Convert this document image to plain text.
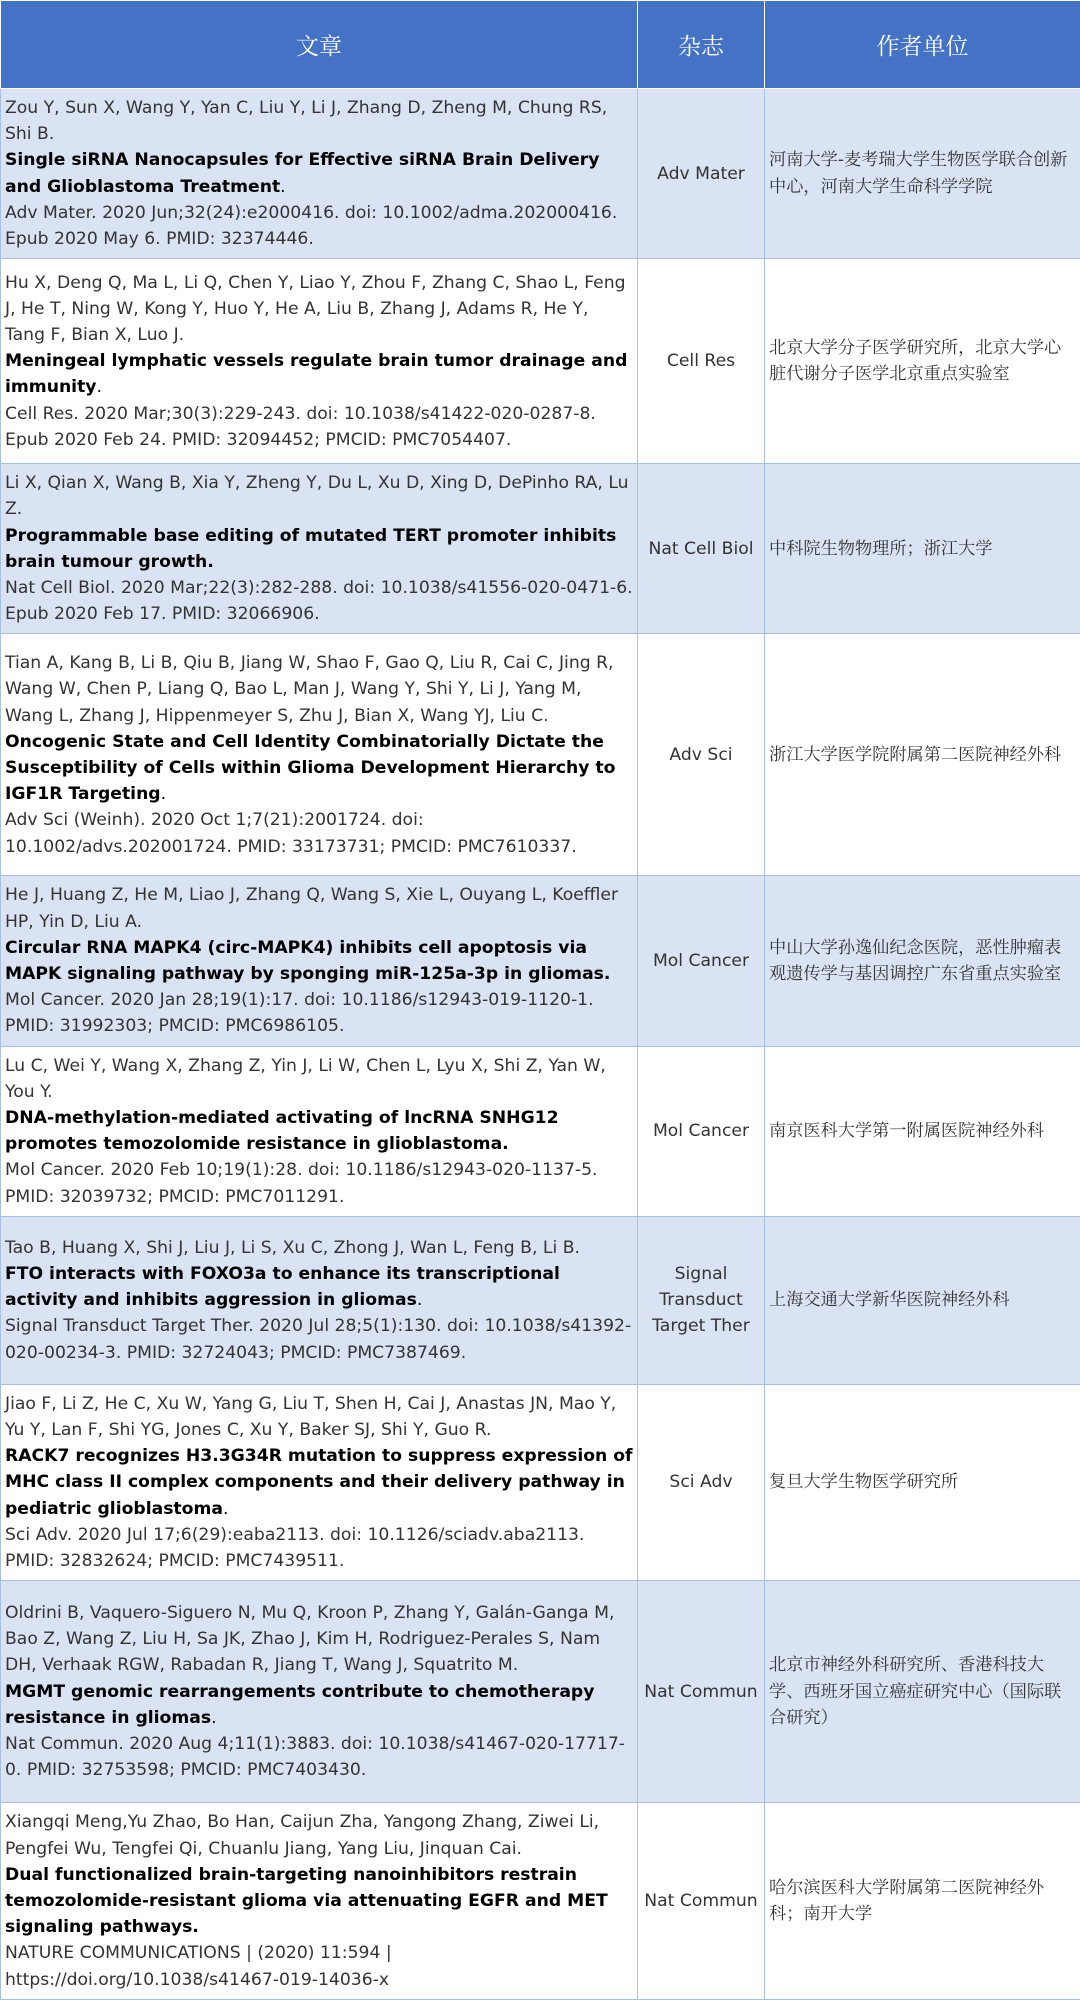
文章	杂志	作者单位

Zou Y, Sun X, Wang Y, Yan C, Liu Y, Li J, Zhang D, Zheng M, Chung RS, Shi B.
Single siRNA Nanocapsules for Effective siRNA Brain Delivery and Glioblastoma Treatment.
Adv Mater. 2020 Jun;32(24):e2000416. doi: 10.1002/adma.202000416. Epub 2020 May 6. PMID: 32374446.	Adv Mater	河南大学-麦考瑞大学生物医学联合创新中心，河南大学生命科学学院

Hu X, Deng Q, Ma L, Li Q, Chen Y, Liao Y, Zhou F, Zhang C, Shao L, Feng J, He T, Ning W, Kong Y, Huo Y, He A, Liu B, Zhang J, Adams R, He Y, Tang F, Bian X, Luo J.
Meningeal lymphatic vessels regulate brain tumor drainage and immunity.
Cell Res. 2020 Mar;30(3):229-243. doi: 10.1038/s41422-020-0287-8. Epub 2020 Feb 24. PMID: 32094452; PMCID: PMC7054407.	Cell Res	北京大学分子医学研究所，北京大学心脏代谢分子医学北京重点实验室

Li X, Qian X, Wang B, Xia Y, Zheng Y, Du L, Xu D, Xing D, DePinho RA, Lu Z.
Programmable base editing of mutated TERT promoter inhibits brain tumour growth.
Nat Cell Biol. 2020 Mar;22(3):282-288. doi: 10.1038/s41556-020-0471-6. Epub 2020 Feb 17. PMID: 32066906.	Nat Cell Biol	中科院生物物理所；浙江大学

Tian A, Kang B, Li B, Qiu B, Jiang W, Shao F, Gao Q, Liu R, Cai C, Jing R, Wang W, Chen P, Liang Q, Bao L, Man J, Wang Y, Shi Y, Li J, Yang M, Wang L, Zhang J, Hippenmeyer S, Zhu J, Bian X, Wang YJ, Liu C.
Oncogenic State and Cell Identity Combinatorially Dictate the Susceptibility of Cells within Glioma Development Hierarchy to IGF1R Targeting.
Adv Sci (Weinh). 2020 Oct 1;7(21):2001724. doi: 10.1002/advs.202001724. PMID: 33173731; PMCID: PMC7610337.	Adv Sci	浙江大学医学院附属第二医院神经外科

He J, Huang Z, He M, Liao J, Zhang Q, Wang S, Xie L, Ouyang L, Koeffler HP, Yin D, Liu A.
Circular RNA MAPK4 (circ-MAPK4) inhibits cell apoptosis via MAPK signaling pathway by sponging miR-125a-3p in gliomas.
Mol Cancer. 2020 Jan 28;19(1):17. doi: 10.1186/s12943-019-1120-1. PMID: 31992303; PMCID: PMC6986105.	Mol Cancer	中山大学孙逸仙纪念医院，恶性肿瘤表观遗传学与基因调控广东省重点实验室

Lu C, Wei Y, Wang X, Zhang Z, Yin J, Li W, Chen L, Lyu X, Shi Z, Yan W, You Y.
DNA-methylation-mediated activating of lncRNA SNHG12 promotes temozolomide resistance in glioblastoma.
Mol Cancer. 2020 Feb 10;19(1):28. doi: 10.1186/s12943-020-1137-5. PMID: 32039732; PMCID: PMC7011291.	Mol Cancer	南京医科大学第一附属医院神经外科

Tao B, Huang X, Shi J, Liu J, Li S, Xu C, Zhong J, Wan L, Feng B, Li B.
FTO interacts with FOXO3a to enhance its transcriptional activity and inhibits aggression in gliomas.
Signal Transduct Target Ther. 2020 Jul 28;5(1):130. doi: 10.1038/s41392-020-00234-3. PMID: 32724043; PMCID: PMC7387469.	Signal Transduct Target Ther	上海交通大学新华医院神经外科

Jiao F, Li Z, He C, Xu W, Yang G, Liu T, Shen H, Cai J, Anastas JN, Mao Y, Yu Y, Lan F, Shi YG, Jones C, Xu Y, Baker SJ, Shi Y, Guo R.
RACK7 recognizes H3.3G34R mutation to suppress expression of MHC class II complex components and their delivery pathway in pediatric glioblastoma.
Sci Adv. 2020 Jul 17;6(29):eaba2113. doi: 10.1126/sciadv.aba2113. PMID: 32832624; PMCID: PMC7439511.	Sci Adv	复旦大学生物医学研究所

Oldrini B, Vaquero-Siguero N, Mu Q, Kroon P, Zhang Y, Galán-Ganga M, Bao Z, Wang Z, Liu H, Sa JK, Zhao J, Kim H, Rodriguez-Perales S, Nam DH, Verhaak RGW, Rabadan R, Jiang T, Wang J, Squatrito M.
MGMT genomic rearrangements contribute to chemotherapy resistance in gliomas.
Nat Commun. 2020 Aug 4;11(1):3883. doi: 10.1038/s41467-020-17717-0. PMID: 32753598; PMCID: PMC7403430.	Nat Commun	北京市神经外科研究所、香港科技大学、西班牙国立癌症研究中心（国际联合研究）

Xiangqi Meng,Yu Zhao, Bo Han, Caijun Zha, Yangong Zhang, Ziwei Li, Pengfei Wu, Tengfei Qi, Chuanlu Jiang, Yang Liu, Jinquan Cai.
Dual functionalized brain-targeting nanoinhibitors restrain temozolomide-resistant glioma via attenuating EGFR and MET signaling pathways.
NATURE COMMUNICATIONS | (2020) 11:594 | https://doi.org/10.1038/s41467-019-14036-x	Nat Commun	哈尔滨医科大学附属第二医院神经外科；南开大学
